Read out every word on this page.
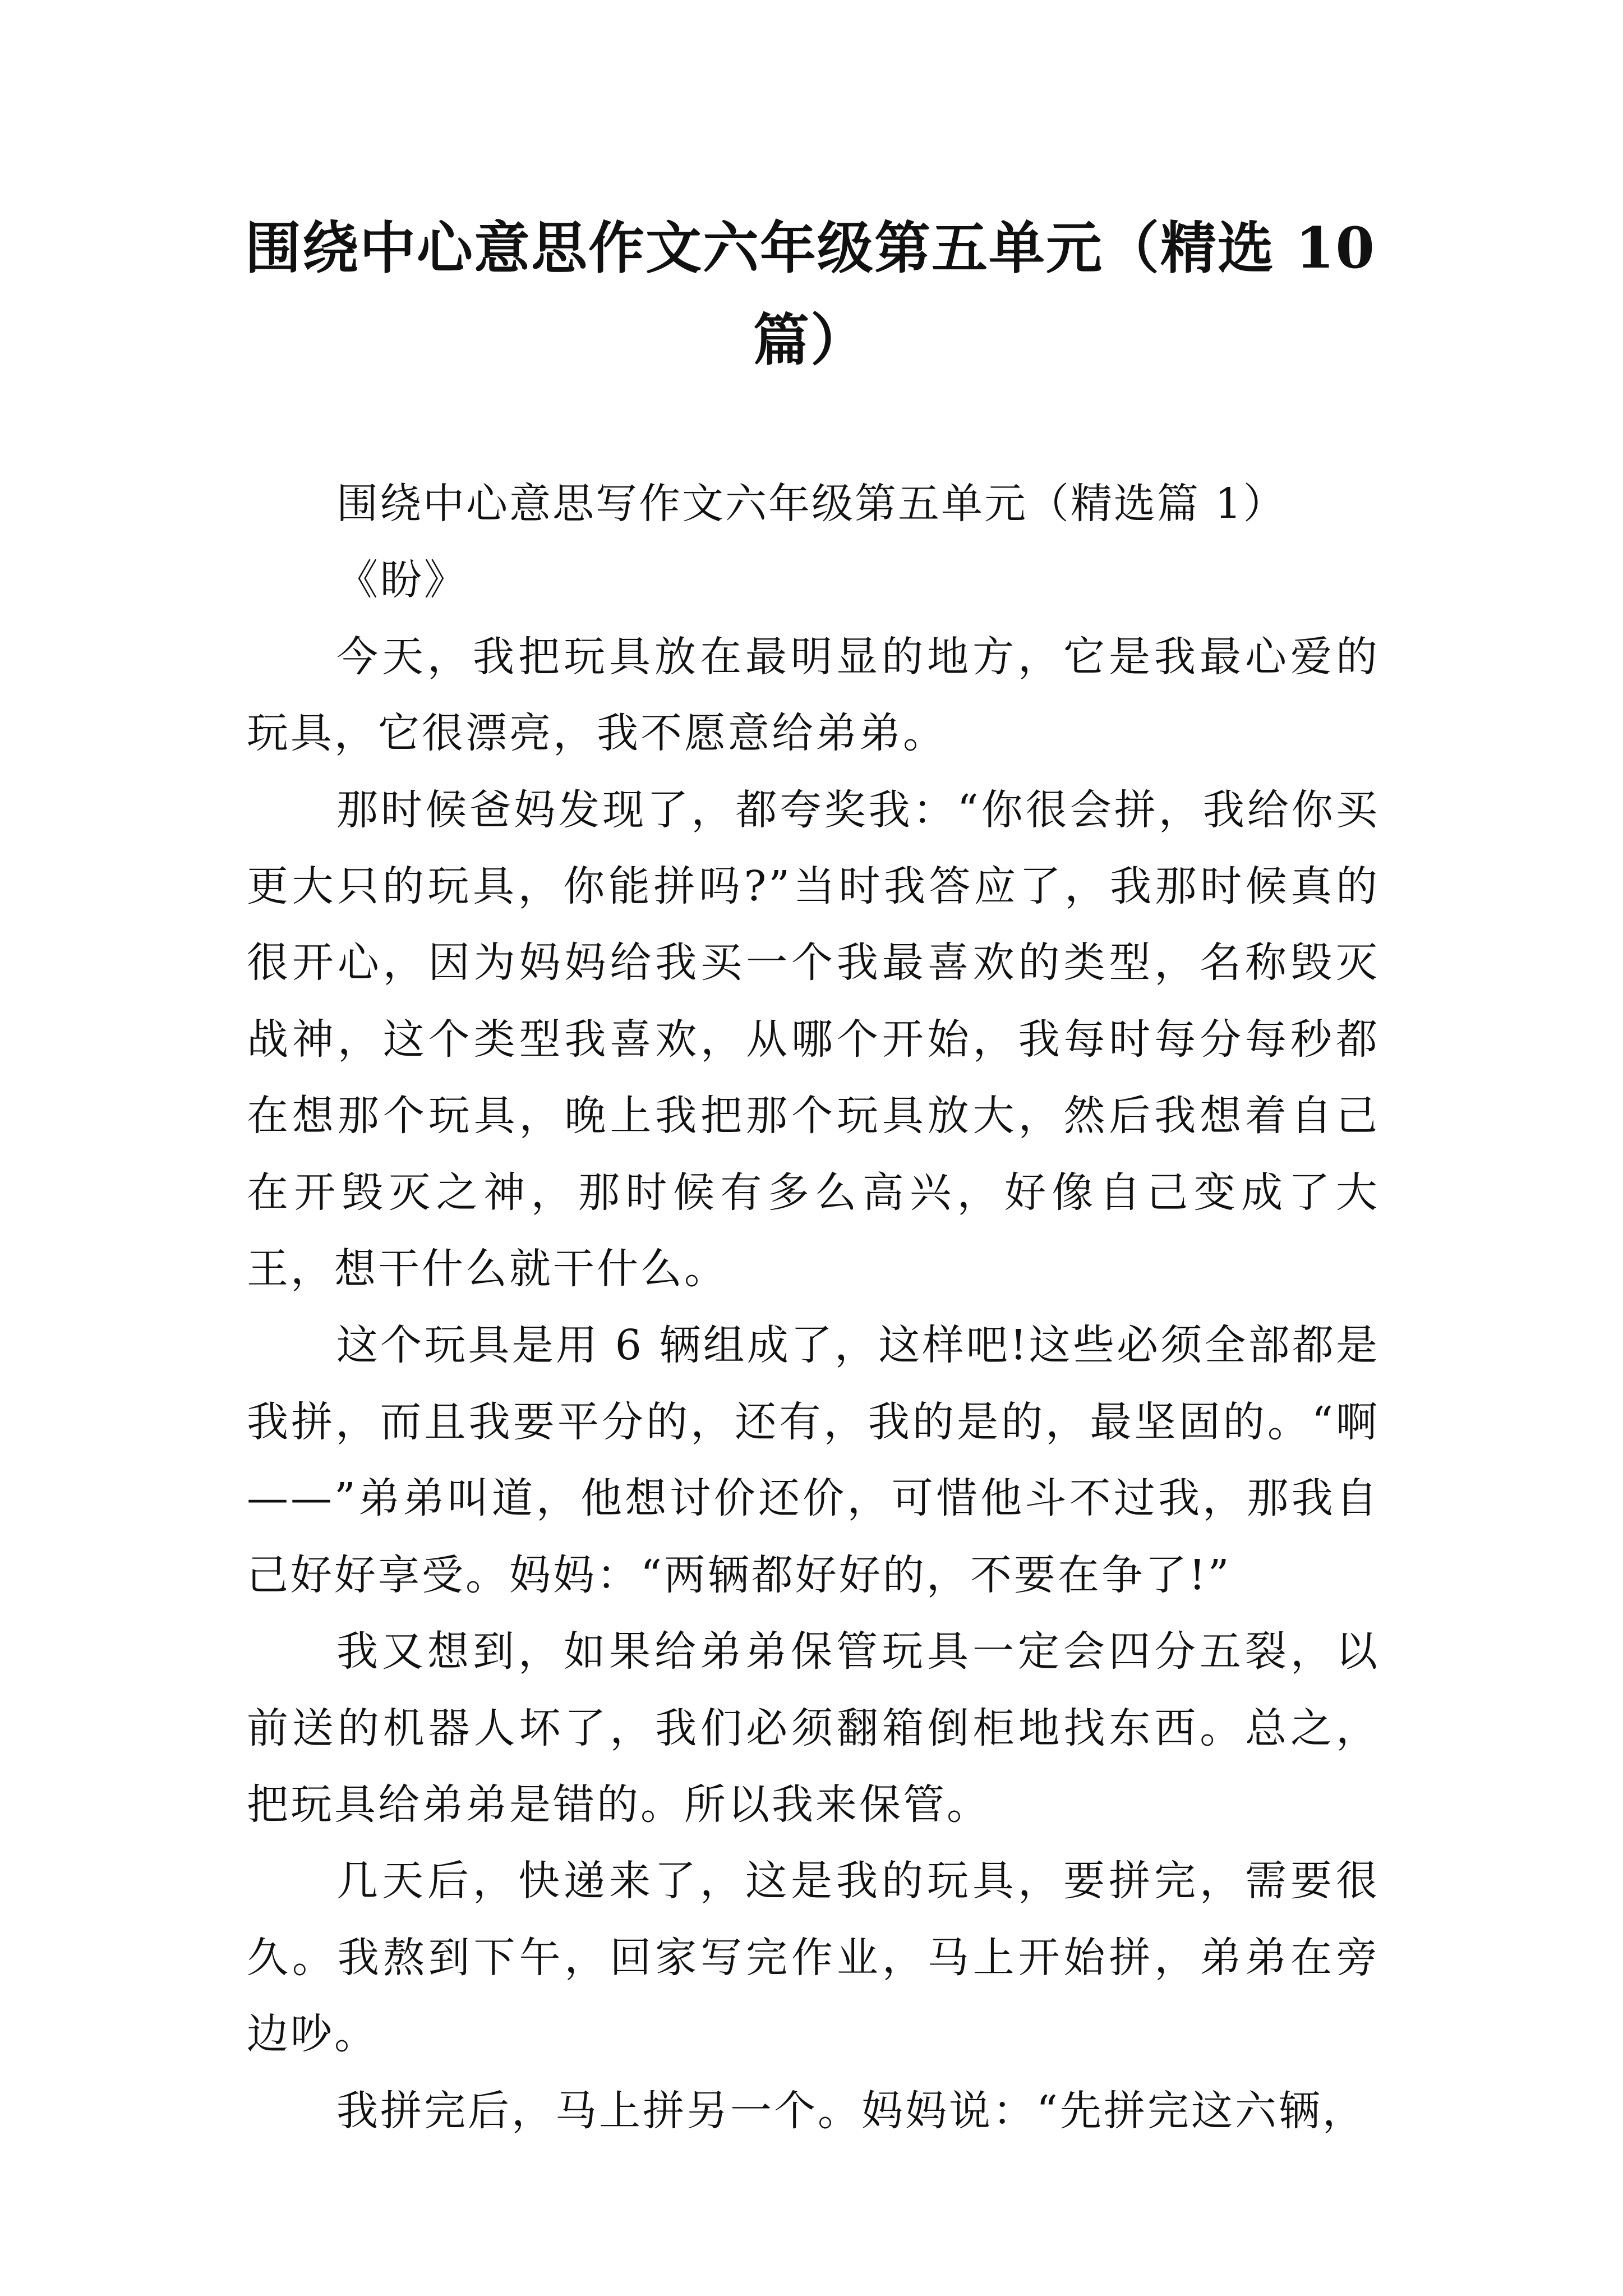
围绕中心意思作文六年级第五单元（精选 10 篇）

围绕中心意思写作文六年级第五单元（精选篇 1）

《盼》

今天，我把玩具放在最明显的地方，它是我最心爱的玩具，它很漂亮，我不愿意给弟弟。

那时候爸妈发现了，都夸奖我：“你很会拼，我给你买更大只的玩具，你能拼吗?”当时我答应了，我那时候真的很开心，因为妈妈给我买一个我最喜欢的类型，名称毁灭战神，这个类型我喜欢，从哪个开始，我每时每分每秒都在想那个玩具，晚上我把那个玩具放大，然后我想着自己在开毁灭之神，那时候有多么高兴，好像自己变成了大王，想干什么就干什么。

这个玩具是用 6 辆组成了，这样吧!这些必须全部都是我拼，而且我要平分的，还有，我的是的，最坚固的。“啊——”弟弟叫道，他想讨价还价，可惜他斗不过我，那我自己好好享受。妈妈：“两辆都好好的，不要在争了!”

我又想到，如果给弟弟保管玩具一定会四分五裂，以前送的机器人坏了，我们必须翻箱倒柜地找东西。总之，把玩具给弟弟是错的。所以我来保管。

几天后，快递来了，这是我的玩具，要拼完，需要很久。我熬到下午，回家写完作业，马上开始拼，弟弟在旁边吵。

我拼完后，马上拼另一个。妈妈说：“先拼完这六辆，
